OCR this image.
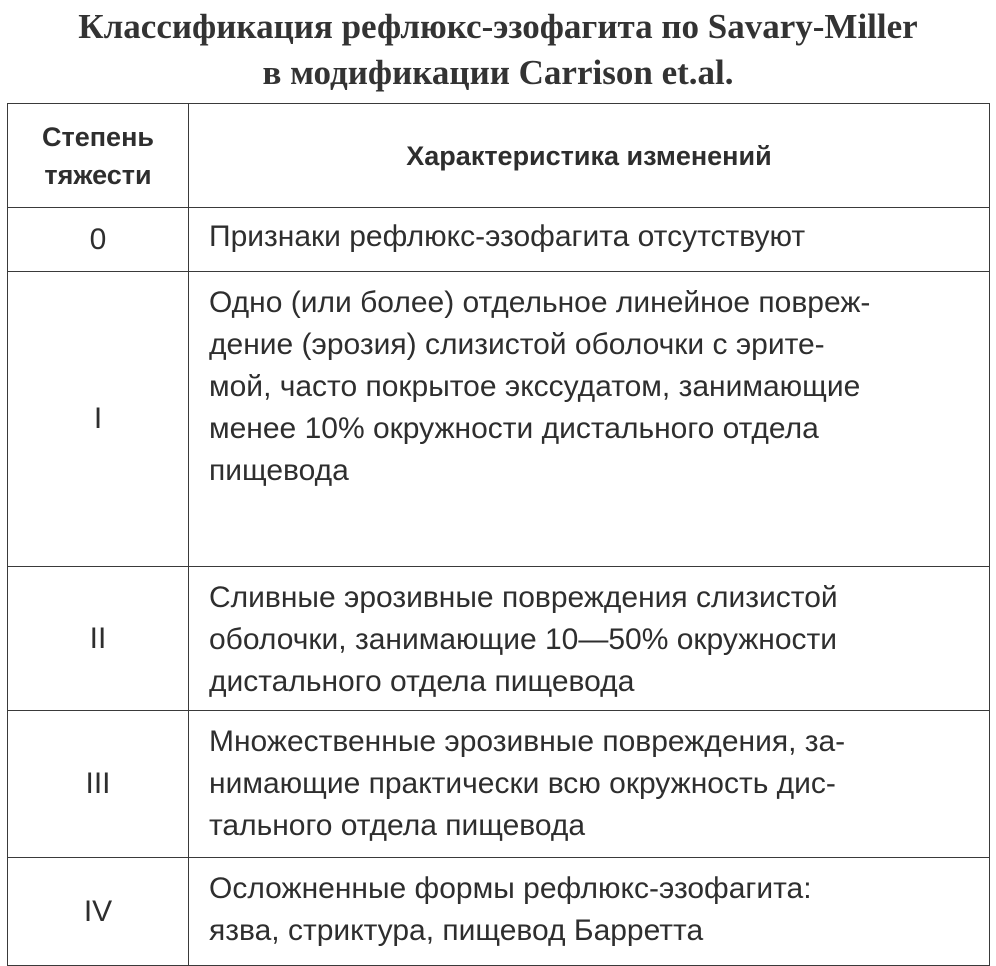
Классификация рефлюкс-эзофагита по Savary-Miller
в модификации Carrison et.al.
Степень
тяжести	Характеристика изменений
0	Признаки рефлюкс-эзофагита отсутствуют

I	Одно (или более) отдельное линейное повреж-
дение (эрозия) слизистой оболочки с эрите-
мой, часто покрытое экссудатом, занимающие
менее 10% окружности дистального отдела
пищевода

II	Сливные эрозивные повреждения слизистой
оболочки, занимающие 10—50% окружности
дистального отдела пищевода

III	Множественные эрозивные повреждения, за-
нимающие практически всю окружность дис-
тального отдела пищевода

IV	Осложненные формы рефлюкс-эзофагита:
язва, стриктура, пищевод Барретта
